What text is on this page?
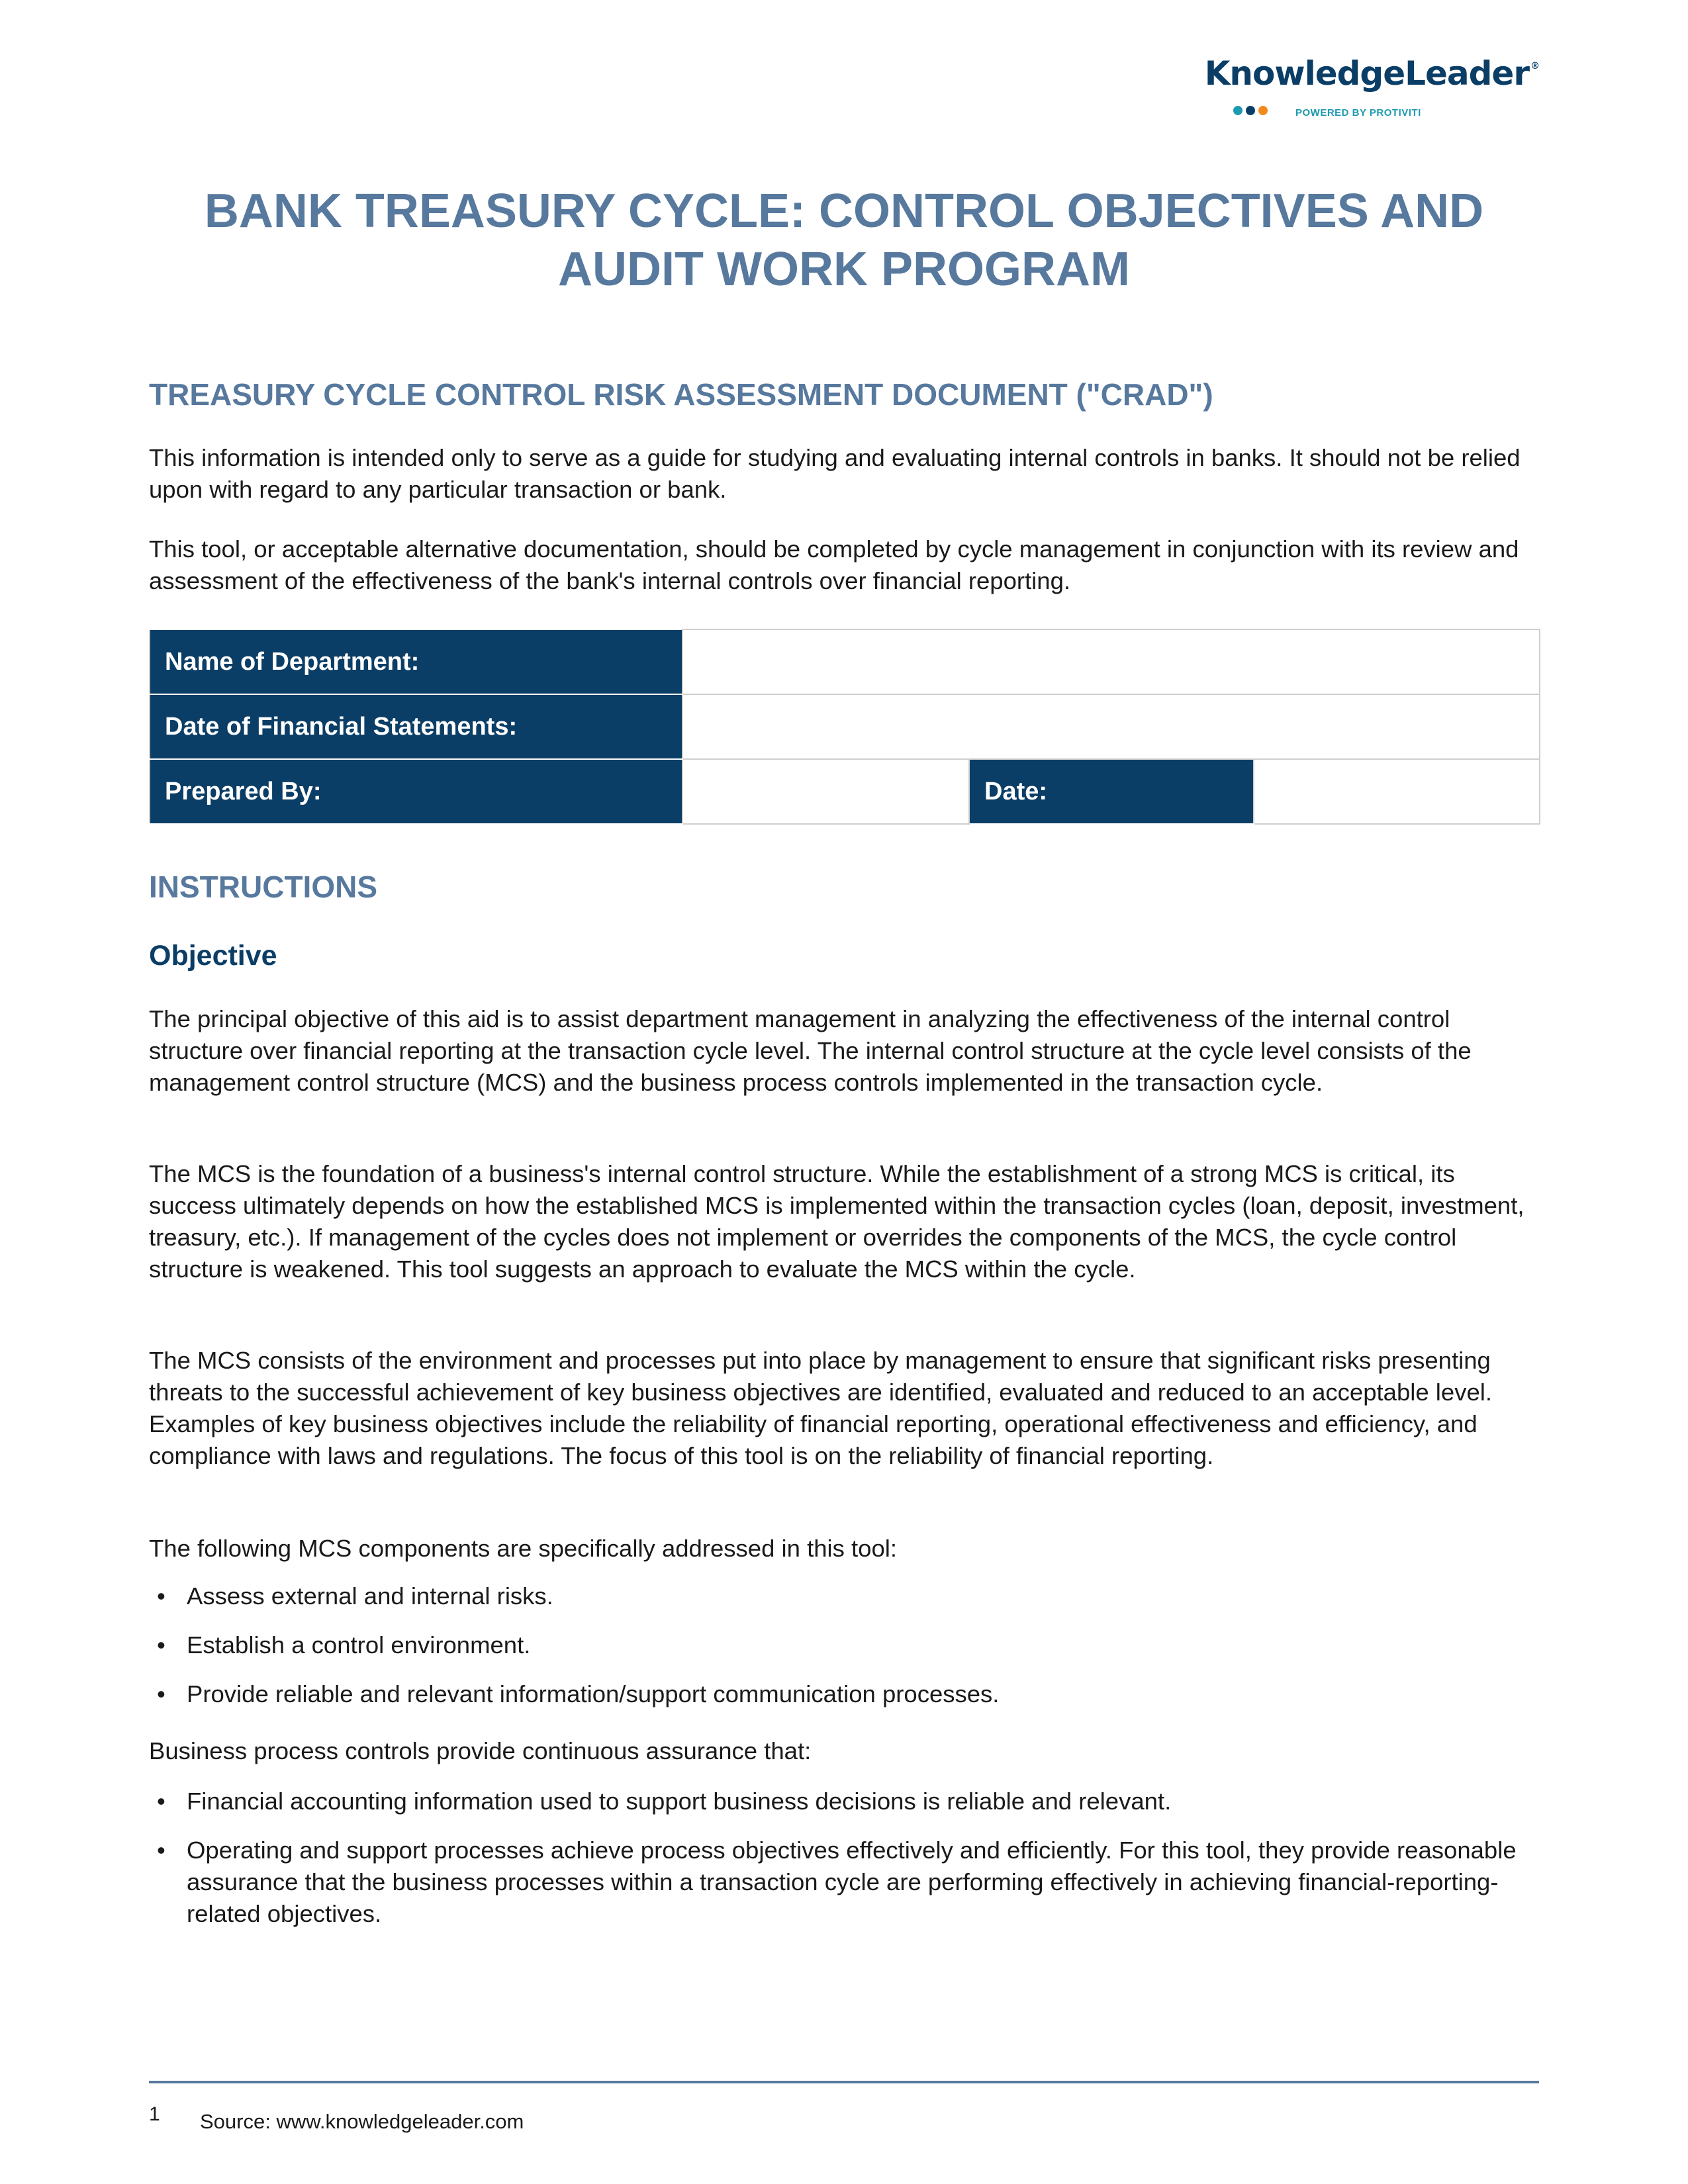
KnowledgeLeader ®
POWERED BY PROTIVITI
BANK TREASURY CYCLE: CONTROL OBJECTIVES AND AUDIT WORK PROGRAM
TREASURY CYCLE CONTROL RISK ASSESSMENT DOCUMENT ("CRAD")

This information is intended only to serve as a guide for studying and evaluating internal controls in banks. It should not be relied upon with regard to any particular transaction or bank.

This tool, or acceptable alternative documentation, should be completed by cycle management in conjunction with its review and assessment of the effectiveness of the bank's internal controls over financial reporting.

Name of Department:			
Date of Financial Statements:			
Prepared By:		Date:	
INSTRUCTIONS
Objective

The principal objective of this aid is to assist department management in analyzing the effectiveness of the internal control structure over financial reporting at the transaction cycle level. The internal control structure at the cycle level consists of the management control structure (MCS) and the business process controls implemented in the transaction cycle.

The MCS is the foundation of a business's internal control structure. While the establishment of a strong MCS is critical, its success ultimately depends on how the established MCS is implemented within the transaction cycles (loan, deposit, investment, treasury, etc.). If management of the cycles does not implement or overrides the components of the MCS, the cycle control structure is weakened. This tool suggests an approach to evaluate the MCS within the cycle.

The MCS consists of the environment and processes put into place by management to ensure that significant risks presenting threats to the successful achievement of key business objectives are identified, evaluated and reduced to an acceptable level. Examples of key business objectives include the reliability of financial reporting, operational effectiveness and efficiency, and compliance with laws and regulations. The focus of this tool is on the reliability of financial reporting.

The following MCS components are specifically addressed in this tool:

• Assess external and internal risks.

• Establish a control environment.

• Provide reliable and relevant information/support communication processes.

Business process controls provide continuous assurance that:

• Financial accounting information used to support business decisions is reliable and relevant.

• Operating and support processes achieve process objectives effectively and efficiently. For this tool, they provide reasonable assurance that the business processes within a transaction cycle are performing effectively in achieving financial-reporting-related objectives.

1 Source: www.knowledgeleader.com
